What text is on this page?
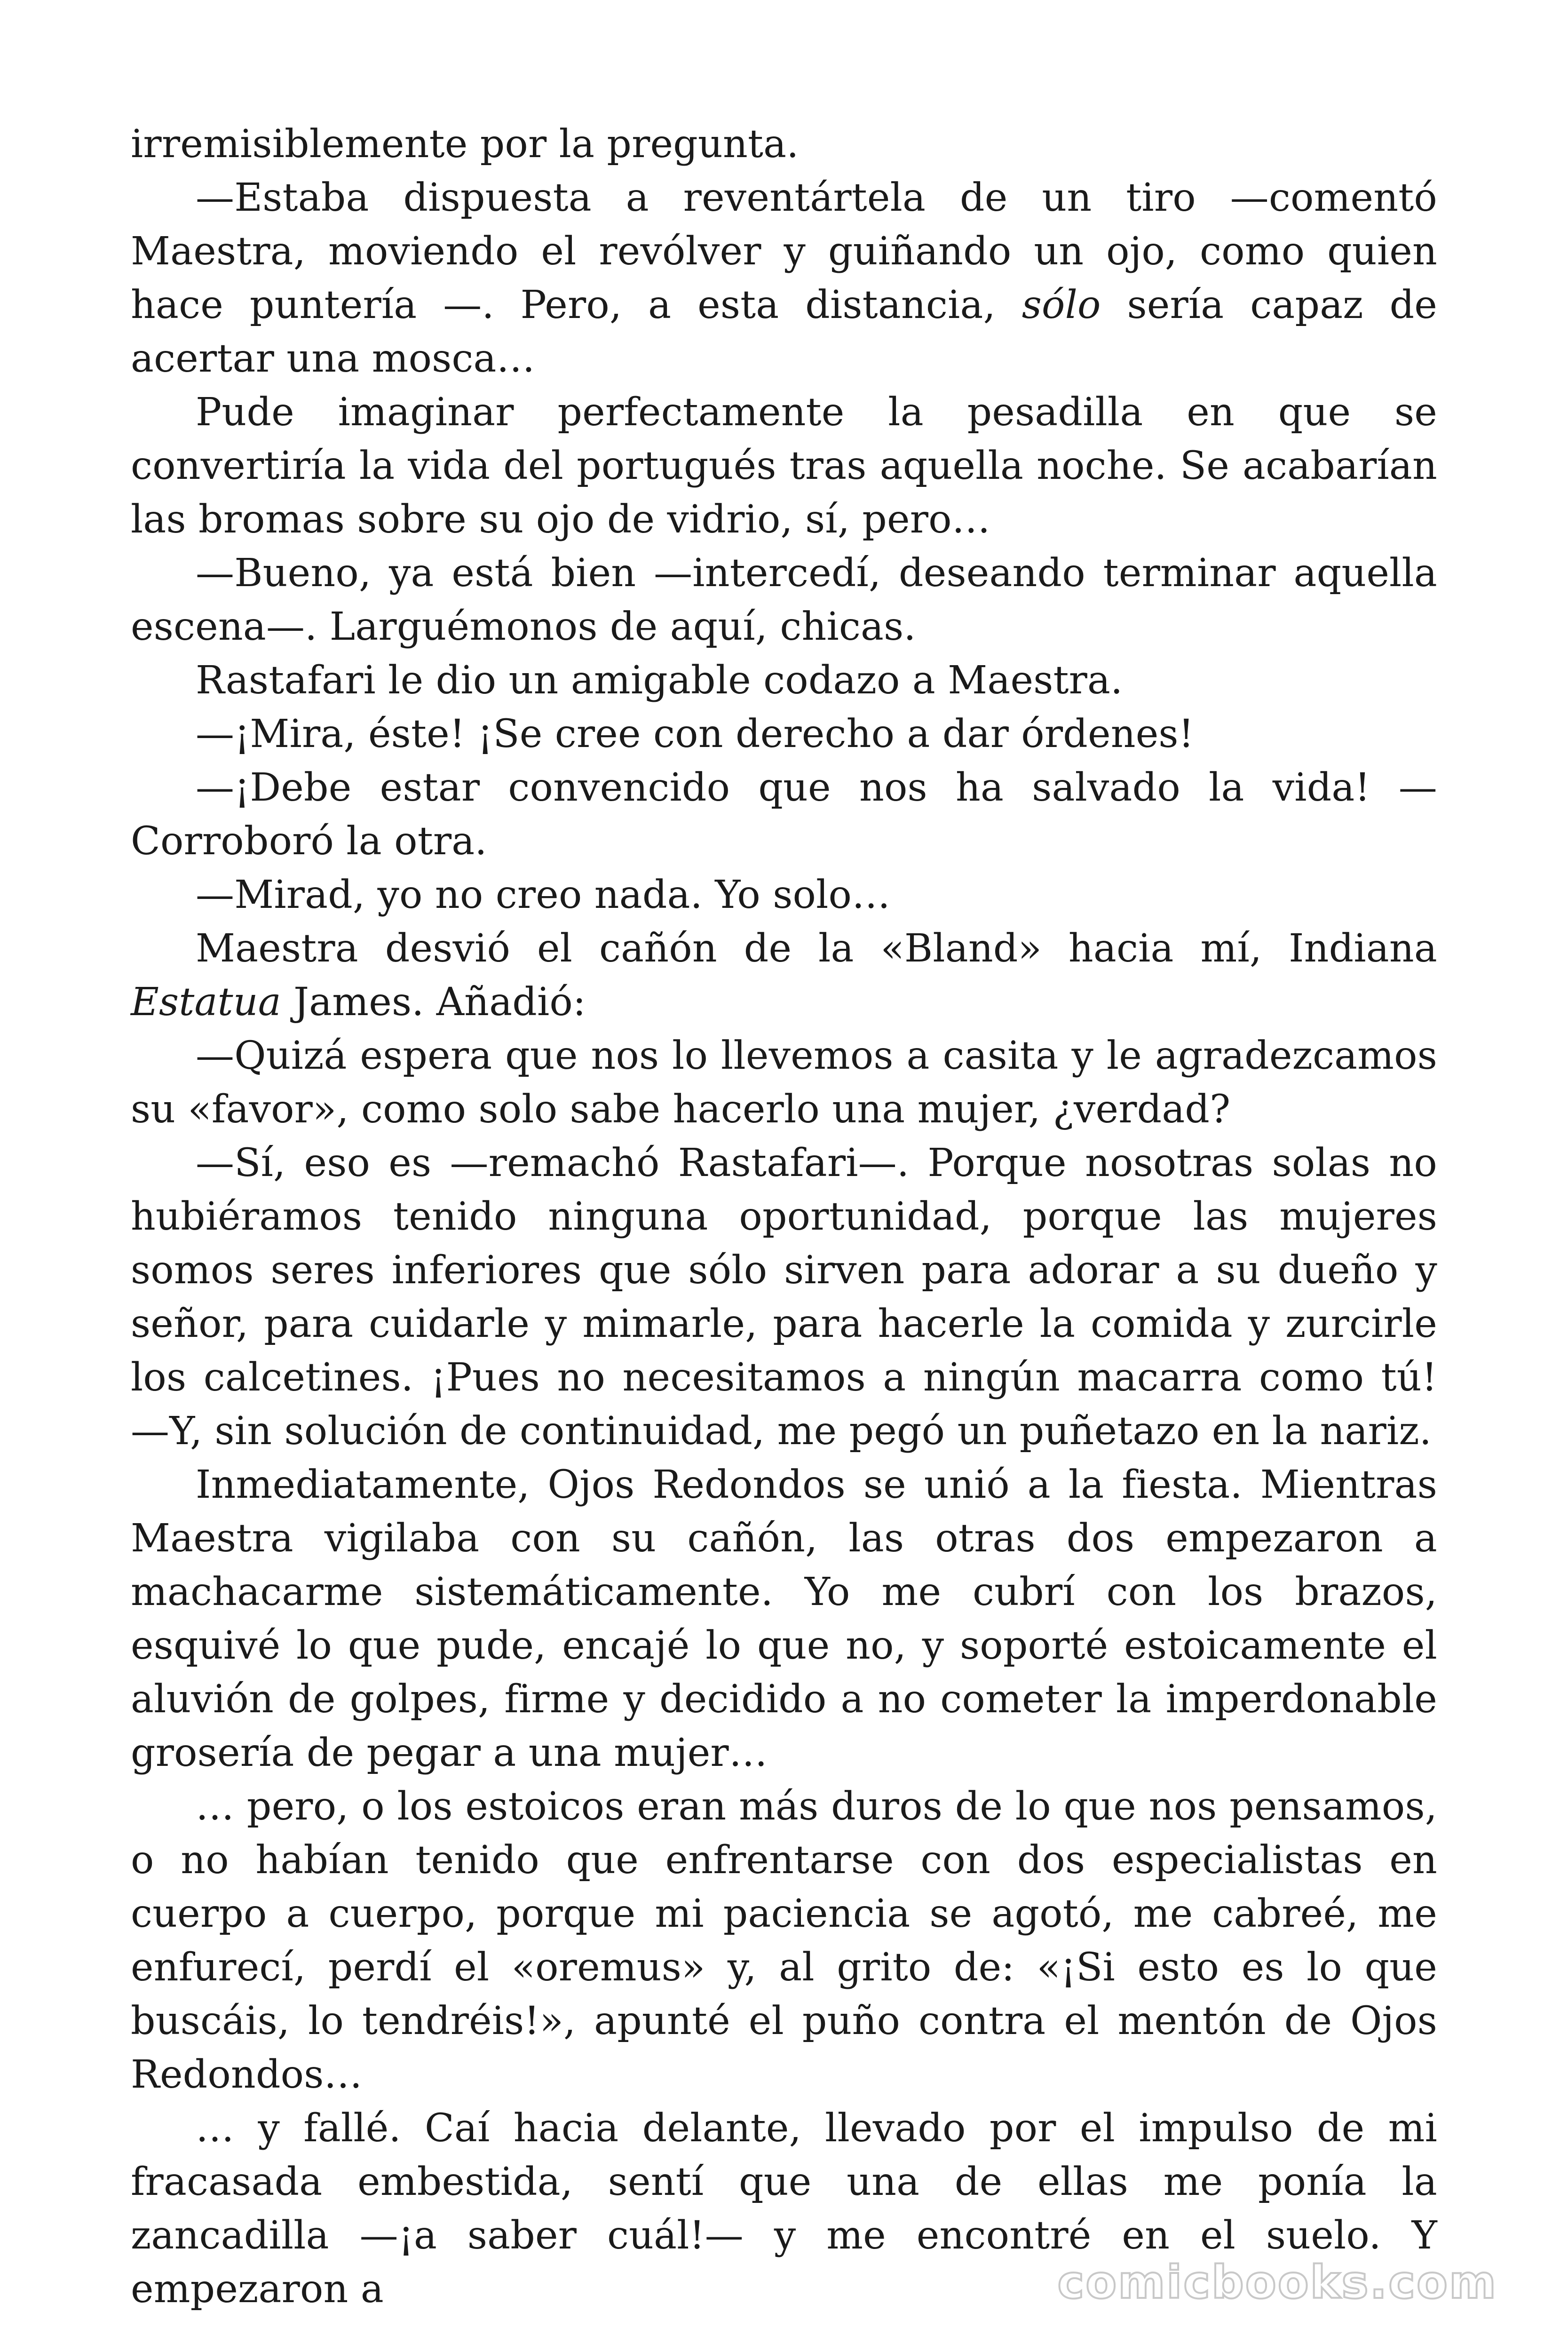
irremisiblemente por la pregunta.

—Estaba dispuesta a reventártela de un tiro —comentó Maestra, moviendo el revólver y guiñando un ojo, como quien hace puntería —. Pero, a esta distancia, sólo sería capaz de acertar una mosca…

Pude imaginar perfectamente la pesadilla en que se convertiría la vida del portugués tras aquella noche. Se acabarían las bromas sobre su ojo de vidrio, sí, pero…

—Bueno, ya está bien —intercedí, deseando terminar aquella escena—. Larguémonos de aquí, chicas.

Rastafari le dio un amigable codazo a Maestra.

—¡Mira, éste! ¡Se cree con derecho a dar órdenes!

—¡Debe estar convencido que nos ha salvado la vida! —Corroboró la otra.

—Mirad, yo no creo nada. Yo solo…

Maestra desvió el cañón de la «Bland» hacia mí, Indiana Estatua James. Añadió:

—Quizá espera que nos lo llevemos a casita y le agradezcamos su «favor», como solo sabe hacerlo una mujer, ¿verdad?

—Sí, eso es —remachó Rastafari—. Porque nosotras solas no hubiéramos tenido ninguna oportunidad, porque las mujeres somos seres inferiores que sólo sirven para adorar a su dueño y señor, para cuidarle y mimarle, para hacerle la comida y zurcirle los calcetines. ¡Pues no necesitamos a ningún macarra como tú! —Y, sin solución de continuidad, me pegó un puñetazo en la nariz.

Inmediatamente, Ojos Redondos se unió a la fiesta. Mientras Maestra vigilaba con su cañón, las otras dos empezaron a machacarme sistemáticamente. Yo me cubrí con los brazos, esquivé lo que pude, encajé lo que no, y soporté estoicamente el aluvión de golpes, firme y decidido a no cometer la imperdonable grosería de pegar a una mujer…

… pero, o los estoicos eran más duros de lo que nos pensamos, o no habían tenido que enfrentarse con dos especialistas en cuerpo a cuerpo, porque mi paciencia se agotó, me cabreé, me enfurecí, perdí el «oremus» y, al grito de: «¡Si esto es lo que buscáis, lo tendréis!», apunté el puño contra el mentón de Ojos Redondos…

… y fallé. Caí hacia delante, llevado por el impulso de mi fracasada embestida, sentí que una de ellas me ponía la zancadilla —¡a saber cuál!— y me encontré en el suelo. Y empezaron a	comicbooks.com
